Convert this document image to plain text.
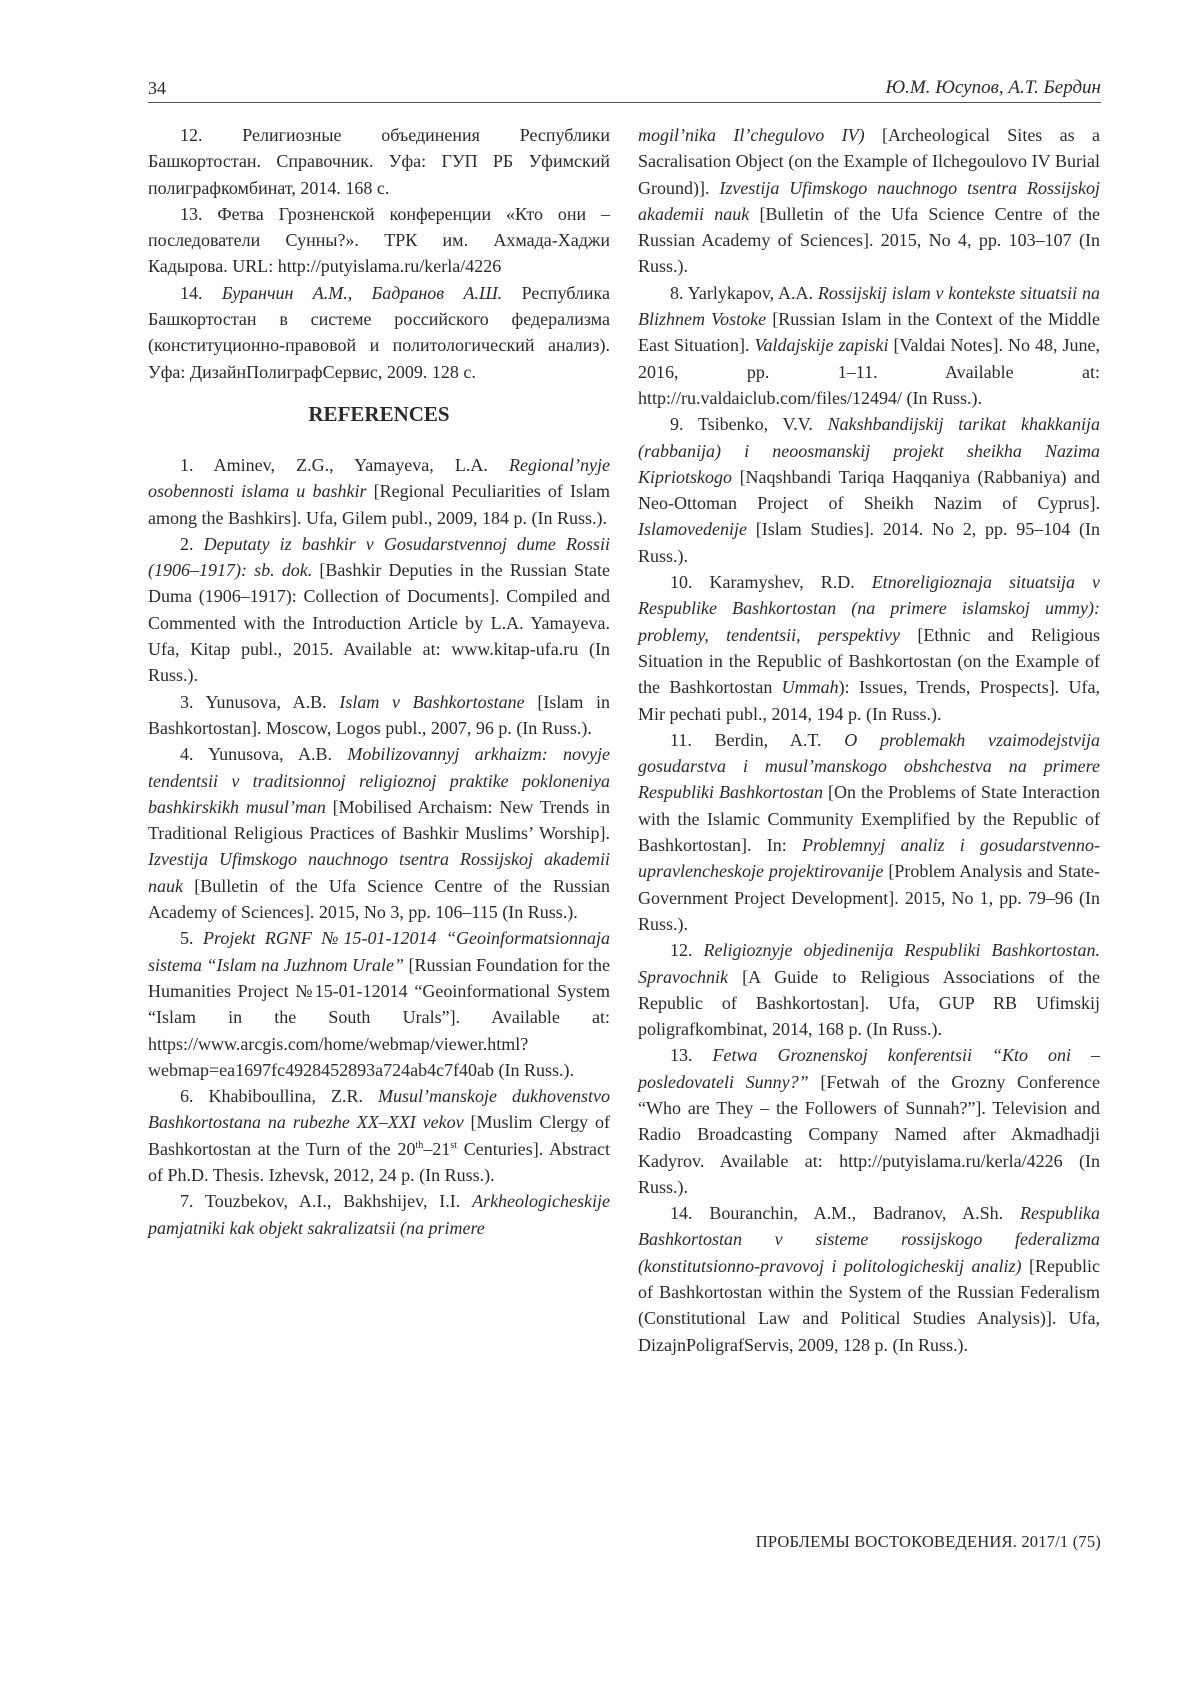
34	Ю.М. Юсупов, А.Т. Бердин

12. Религиозные объединения Республики Башкортостан. Справочник. Уфа: ГУП РБ Уфимский полиграфкомбинат, 2014. 168 с.

13. Фетва Грозненской конференции «Кто они – последователи Сунны?». ТРК им. Ахмада-Хаджи Кадырова. URL: http://putyislama.ru/kerla/4226

14. Буранчин А.М., Бадранов А.Ш. Республика Башкортостан в системе российского федерализма (конституционно-правовой и политологический анализ). Уфа: ДизайнПолиграфСервис, 2009. 128 с.

REFERENCES

1. Aminev, Z.G., Yamayeva, L.A. Regional’nyje osobennosti islama u bashkir [Regional Peculiarities of Islam among the Bashkirs]. Ufa, Gilem publ., 2009, 184 p. (In Russ.).

2. Deputaty iz bashkir v Gosudarstvennoj dume Rossii (1906–1917): sb. dok. [Bashkir Deputies in the Russian State Duma (1906–1917): Collection of Documents]. Compiled and Commented with the Introduction Article by L.A. Yamayeva. Ufa, Kitap publ., 2015. Available at: www.kitap-ufa.ru (In Russ.).

3. Yunusova, A.B. Islam v Bashkortostane [Islam in Bashkortostan]. Moscow, Logos publ., 2007, 96 p. (In Russ.).

4. Yunusova, A.B. Mobilizovannyj arkhaizm: novyje tendentsii v traditsionnoj religioznoj praktike pokloneniya bashkirskikh musul’man [Mobilised Archaism: New Trends in Traditional Religious Practices of Bashkir Muslims’ Worship]. Izvestija Ufimskogo nauchnogo tsentra Rossijskoj akademii nauk [Bulletin of the Ufa Science Centre of the Russian Academy of Sciences]. 2015, No 3, pp. 106–115 (In Russ.).

5. Projekt RGNF №15-01-12014 “Geoinformatsionnaja sistema “Islam na Juzhnom Urale” [Russian Foundation for the Humanities Project №15-01-12014 “Geoinformational System “Islam in the South Urals”]. Available at: https://www.arcgis.com/home/webmap/viewer.html?webmap=ea1697fc4928452893a724ab4c7f40ab (In Russ.).

6. Khabiboullina, Z.R. Musul’manskoje dukhovenstvo Bashkortostana na rubezhe XX–XXI vekov [Muslim Clergy of Bashkortostan at the Turn of the 20th–21st Centuries]. Abstract of Ph.D. Thesis. Izhevsk, 2012, 24 p. (In Russ.).

7. Touzbekov, A.I., Bakhshijev, I.I. Arkheologicheskije pamjatniki kak objekt sakralizatsii (na primere

mogil’nika Il’chegulovo IV) [Archeological Sites as a Sacralisation Object (on the Example of Ilchegoulovo IV Burial Ground)]. Izvestija Ufimskogo nauchnogo tsentra Rossijskoj akademii nauk [Bulletin of the Ufa Science Centre of the Russian Academy of Sciences]. 2015, No 4, pp. 103–107 (In Russ.).

8. Yarlykapov, A.A. Rossijskij islam v kontekste situatsii na Blizhnem Vostoke [Russian Islam in the Context of the Middle East Situation]. Valdajskije zapiski [Valdai Notes]. No 48, June, 2016, pp. 1–11. Available at: http://ru.valdaiclub.com/files/12494/ (In Russ.).

9. Tsibenko, V.V. Nakshbandijskij tarikat khakkanija (rabbanija) i neoosmanskij projekt sheikha Nazima Kipriotskogo [Naqshbandi Tariqa Haqqaniya (Rabbaniya) and Neo-Ottoman Project of Sheikh Nazim of Cyprus]. Islamovedenije [Islam Studies]. 2014. No 2, pp. 95–104 (In Russ.).

10. Karamyshev, R.D. Etnoreligioznaja situatsija v Respublike Bashkortostan (na primere islamskoj ummy): problemy, tendentsii, perspektivy [Ethnic and Religious Situation in the Republic of Bashkortostan (on the Example of the Bashkortostan Ummah): Issues, Trends, Prospects]. Ufa, Mir pechati publ., 2014, 194 p. (In Russ.).

11. Berdin, A.T. O problemakh vzaimodejstvija gosudarstva i musul’manskogo obshchestva na primere Respubliki Bashkortostan [On the Problems of State Interaction with the Islamic Community Exemplified by the Republic of Bashkortostan]. In: Problemnyj analiz i gosudarstvenno-upravlencheskoje projektirovanije [Problem Analysis and State-Government Project Development]. 2015, No 1, pp. 79–96 (In Russ.).

12. Religioznyje objedinenija Respubliki Bashkortostan. Spravochnik [A Guide to Religious Associations of the Republic of Bashkortostan]. Ufa, GUP RB Ufimskij poligrafkombinat, 2014, 168 p. (In Russ.).

13. Fetwa Groznenskoj konferentsii “Kto oni – posledovateli Sunny?” [Fetwah of the Grozny Conference “Who are They – the Followers of Sunnah?”]. Television and Radio Broadcasting Company Named after Akmadhadji Kadyrov. Available at: http://putyislama.ru/kerla/4226 (In Russ.).

14. Bouranchin, A.M., Badranov, A.Sh. Respublika Bashkortostan v sisteme rossijskogo federalizma (konstitutsionno-pravovoj i politologicheskij analiz) [Republic of Bashkortostan within the System of the Russian Federalism (Constitutional Law and Political Studies Analysis)]. Ufa, DizajnPoligrafServis, 2009, 128 p. (In Russ.).

ПРОБЛЕМЫ ВОСТОКОВЕДЕНИЯ. 2017/1 (75)
